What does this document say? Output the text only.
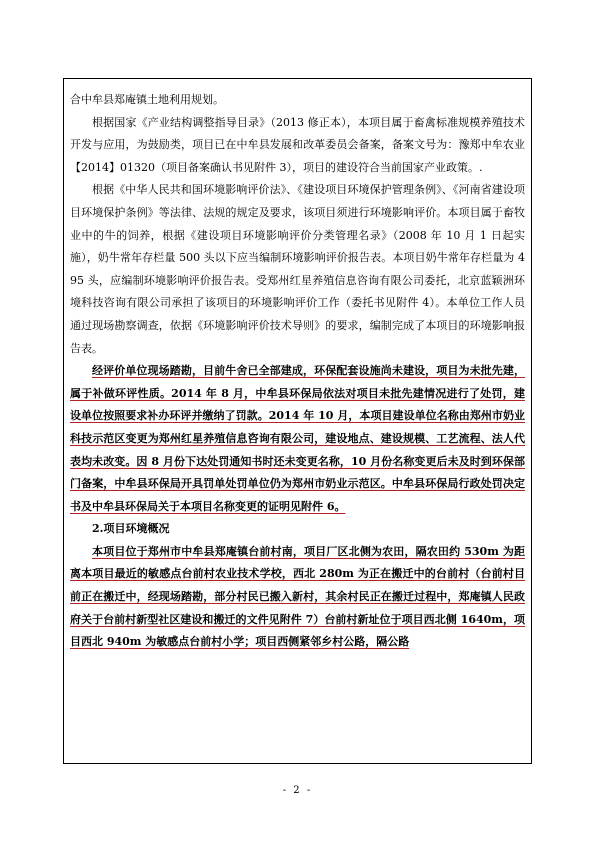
合中牟县郑庵镇土地利用规划。

根据国家《产业结构调整指导目录》（2013 修正本），本项目属于畜禽标准规模养殖技术开发与应用，为鼓励类，项目已在中牟县发展和改革委员会备案，备案文号为：豫郑中牟农业【2014】01320（项目备案确认书见附件 3），项目的建设符合当前国家产业政策。.

根据《中华人民共和国环境影响评价法》、《建设项目环境保护管理条例》、《河南省建设项目环境保护条例》等法律、法规的规定及要求，该项目须进行环境影响评价。本项目属于畜牧业中的牛的饲养，根据《建设项目环境影响评价分类管理名录》（2008 年 10 月 1 日起实施），奶牛常年存栏量 500 头以下应当编制环境影响评价报告表。本项目奶牛常年存栏量为 495 头，应编制环境影响评价报告表。受郑州红星养殖信息咨询有限公司委托，北京蓝颖洲环境科技咨询有限公司承担了该项目的环境影响评价工作（委托书见附件 4）。本单位工作人员通过现场勘察调查，依据《环境影响评价技术导则》的要求，编制完成了本项目的环境影响报告表。

经评价单位现场踏勘，目前牛舍已全部建成，环保配套设施尚未建设，项目为未批先建，属于补做环评性质。2014 年 8 月，中牟县环保局依法对项目未批先建情况进行了处罚，建设单位按照要求补办环评并缴纳了罚款。2014 年 10 月，本项目建设单位名称由郑州市奶业科技示范区变更为郑州红星养殖信息咨询有限公司，建设地点、建设规模、工艺流程、法人代表均未改变。因 8 月份下达处罚通知书时还未变更名称，10 月份名称变更后未及时到环保部门备案，中牟县环保局开具罚单处罚单位仍为郑州市奶业示范区。中牟县环保局行政处罚决定书及中牟县环保局关于本项目名称变更的证明见附件 6。

2.项目环境概况

本项目位于郑州市中牟县郑庵镇台前村南，项目厂区北侧为农田，隔农田约 530m 为距离本项目最近的敏感点台前村农业技术学校，西北 280m 为正在搬迁中的台前村（台前村目前正在搬迁中，经现场踏勘，部分村民已搬入新村，其余村民正在搬迁过程中，郑庵镇人民政府关于台前村新型社区建设和搬迁的文件见附件 7）台前村新址位于项目西北侧 1640m，项目西北 940m 为敏感点台前村小学；项目西侧紧邻乡村公路，隔公路

- 2 -
